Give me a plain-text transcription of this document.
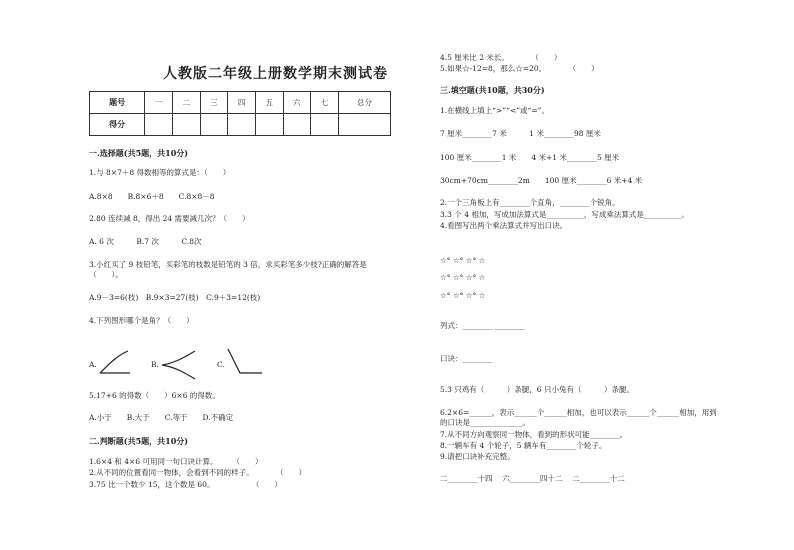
人教版二年级上册数学期末测试卷
题号	一	二	三	四	五	六	七	总分
得分								
一.选择题(共5题，共10分)
1.与 8×7＋8 得数相等的算式是：（　　）
A.8×8　　B.8×6＋8　　C.8×8－8
2.80 连续减 8，得出 24 需要减几次？（　　）
A. 6 次　　　B.7 次　　　C.8次
3.小红买了 9 枝铅笔，买彩笔的枝数是铅笔的 3 倍，求买彩笔多少枝?正确的解答是
（　　）。
A.9－3=6(枝)　B.9×3=27(枝)　C.9＋3=12(枝)
4.下列图形哪个是角？（　　）
A.	B.	C.
5.17+6 的得数（　　）6×6 的得数。
A.小于　　B.大于　　C.等于　　D.不确定
二.判断题(共5题，共10分)
1.6×4 和 4×6 可用同一句口诀计算。　　　（　　）
2.从不同的位置看同一物体，会看到不同的样子。　　　　（　　）
3.75 比一个数少 15，这个数是 60。　　　　　　（　　）
4.5 厘米比 2 米长。　　　　（　　）
5.如果☆-12=8，那么☆=20。　　　　（　　）
三.填空题(共10题，共30分)
1.在横线上填上“>”“<”或“=”。
7 厘米________7 米　　　1 米________98 厘米
100 厘米________1 米　　4 米+1 米________5 厘米
30cm+70cm________2m　　100 厘米________6 米+4 米
2.一个三角板上有________个直角，________个锐角。
3.3 个 4 相加，写成加法算式是__________，写成乘法算式是__________。
4.看图写出两个乘法算式并写出口诀。
☆° ☆° ☆° ☆
☆° ☆° ☆° ☆
☆° ☆° ☆° ☆
列式：________ ________
口诀：________
5.3 只鸡有（　　　）条腿，6 只小兔有（　　　）条腿。
6.2×6=______，表示______个______相加，也可以表示______个______相加，用到
的口诀是______________。
7.从不同方向观察同一物体，看到的形状可能________。
8.一辆车有 4 个轮子，5 辆车有________个轮子。
9.请把口诀补充完整。
二________十四　 六________四十二　 二________十二
